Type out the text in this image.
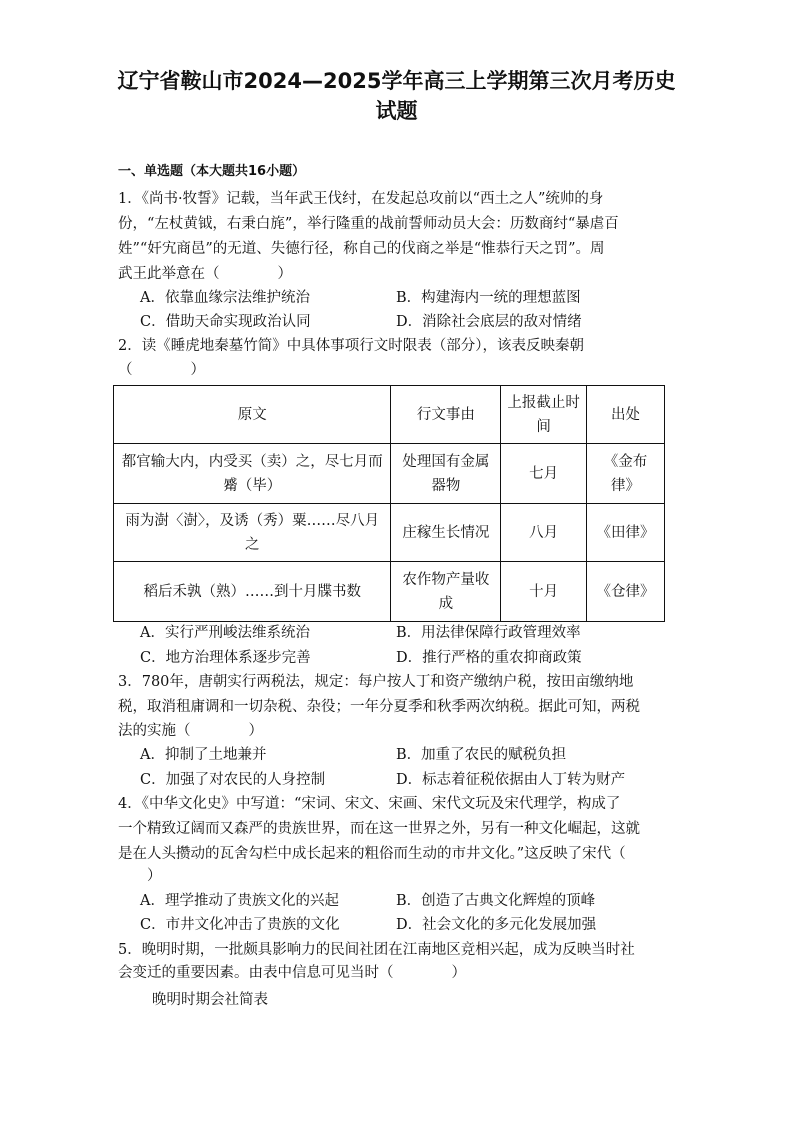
辽宁省鞍山市2024—2025学年高三上学期第三次月考历史
试题
一、单选题（本大题共16小题）
1．《尚书·牧誓》记载，当年武王伐纣，在发起总攻前以“西土之人”统帅的身
份，“左杖黄钺，右秉白旄”，举行隆重的战前誓师动员大会：历数商纣“暴虐百
姓”“奸宄商邑”的无道、失德行径，称自己的伐商之举是“惟恭行天之罚”。周
武王此举意在（　　　　）
A．依靠血缘宗法维护统治	B．构建海内一统的理想蓝图
C．借助天命实现政治认同	D．消除社会底层的敌对情绪
2．读《睡虎地秦墓竹简》中具体事项行文时限表（部分），该表反映秦朝
（　　　　）
原文	行文事由	上报截止时间	出处
都官输大内，内受买（卖）之，尽七月而觱（毕）	处理国有金属器物	七月	《金布律》
雨为澍〈澍〉，及诱（秀）粟……尽八月之	庄稼生长情况	八月	《田律》
稻后禾孰（熟）……到十月牒书数	农作物产量收成	十月	《仓律》
A．实行严刑峻法维系统治	B．用法律保障行政管理效率
C．地方治理体系逐步完善	D．推行严格的重农抑商政策
3．780年，唐朝实行两税法，规定：每户按人丁和资产缴纳户税，按田亩缴纳地
税，取消租庸调和一切杂税、杂役；一年分夏季和秋季两次纳税。据此可知，两税
法的实施（　　　　）
A．抑制了土地兼并	B．加重了农民的赋税负担
C．加强了对农民的人身控制	D．标志着征税依据由人丁转为财产
4．《中华文化史》中写道：“宋词、宋文、宋画、宋代文玩及宋代理学，构成了
一个精致辽阔而又森严的贵族世界，而在这一世界之外，另有一种文化崛起，这就
是在人头攒动的瓦舍勾栏中成长起来的粗俗而生动的市井文化。”这反映了宋代（
　　）
A．理学推动了贵族文化的兴起	B．创造了古典文化辉煌的顶峰
C．市井文化冲击了贵族的文化	D．社会文化的多元化发展加强
5．晚明时期，一批颇具影响力的民间社团在江南地区竞相兴起，成为反映当时社
会变迁的重要因素。由表中信息可见当时（　　　　）
晚明时期会社简表
